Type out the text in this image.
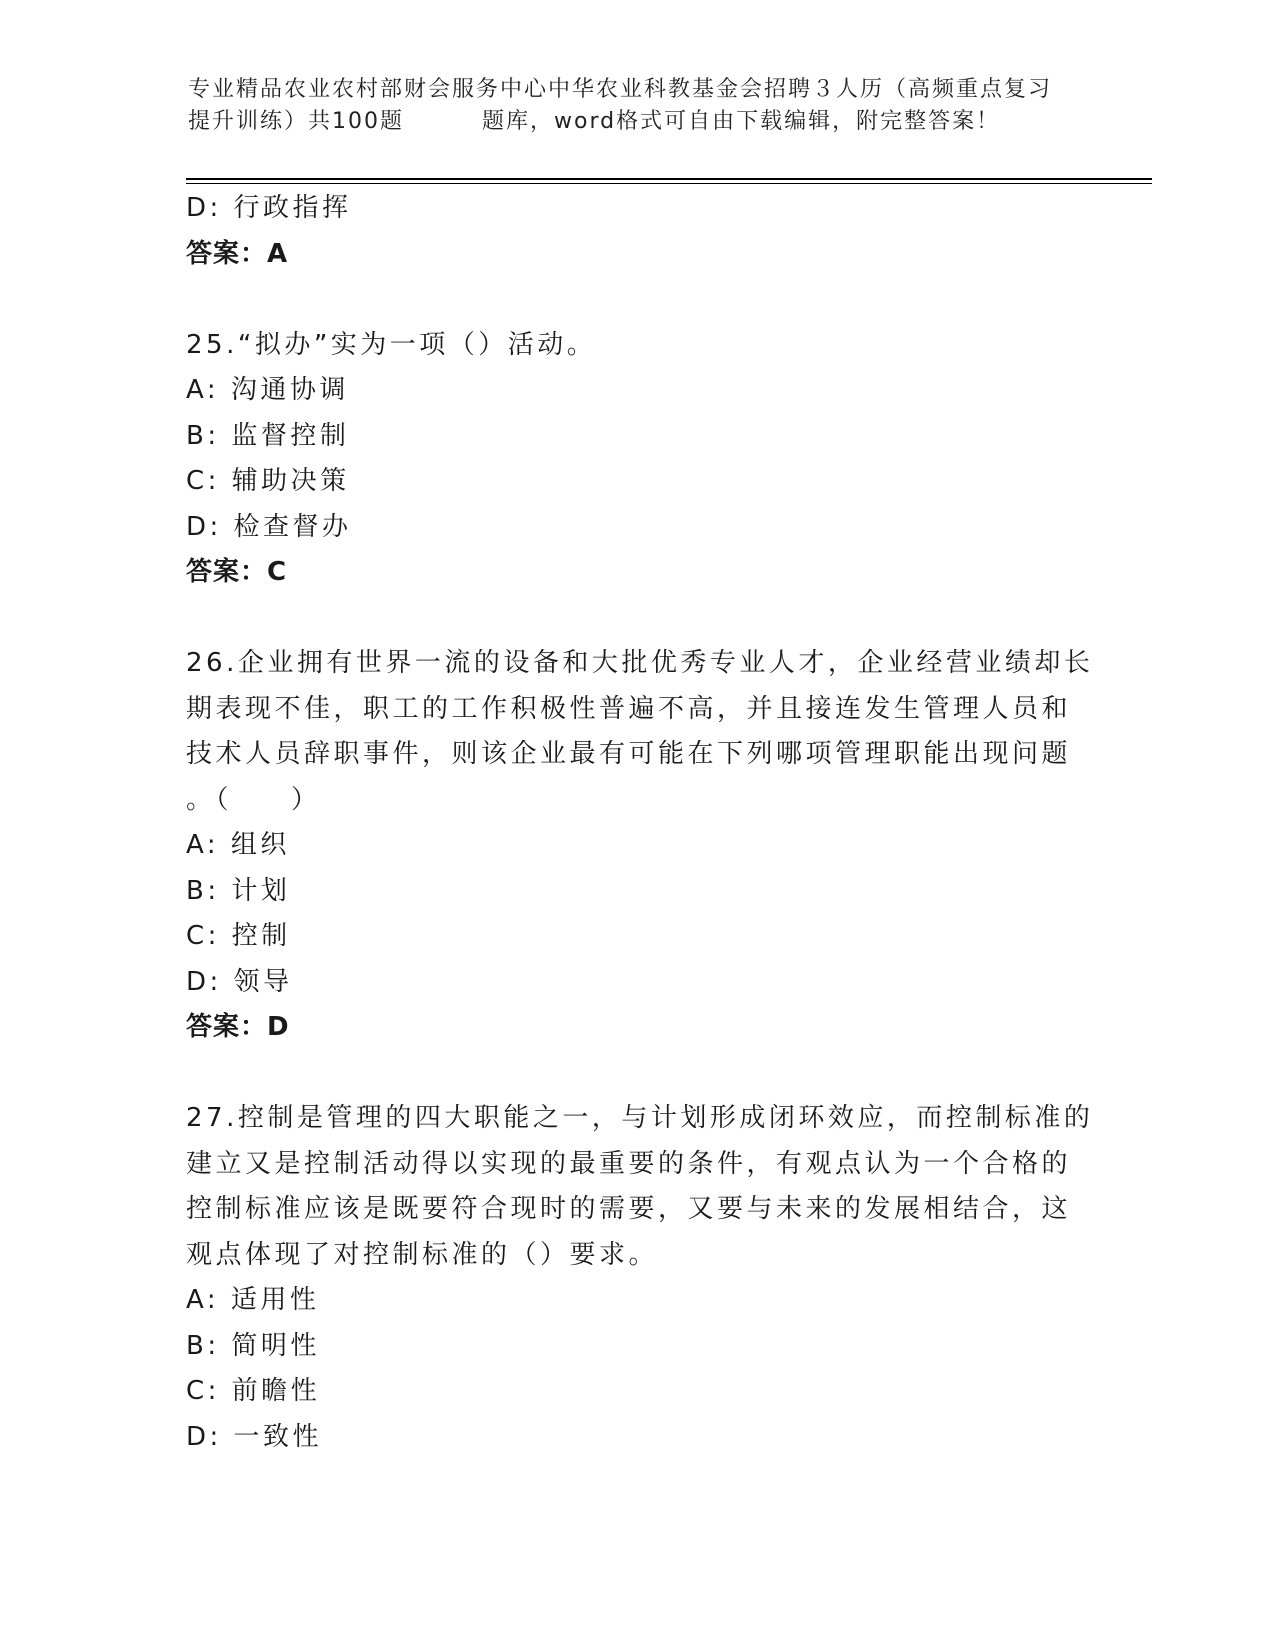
专业精品农业农村部财会服务中心中华农业科教基金会招聘３人历（高频重点复习
提升训练）共100题	题库，word格式可自由下载编辑，附完整答案！
D: 行政指挥
答案：A
25.“拟办”实为一项（）活动。
A: 沟通协调
B: 监督控制
C: 辅助决策
D: 检查督办
答案：C
26.企业拥有世界一流的设备和大批优秀专业人才，企业经营业绩却长
期表现不佳，职工的工作积极性普遍不高，并且接连发生管理人员和
技术人员辞职事件，则该企业最有可能在下列哪项管理职能出现问题
。（　　）
A: 组织
B: 计划
C: 控制
D: 领导
答案：D
27.控制是管理的四大职能之一，与计划形成闭环效应，而控制标准的
建立又是控制活动得以实现的最重要的条件，有观点认为一个合格的
控制标准应该是既要符合现时的需要，又要与未来的发展相结合，这
观点体现了对控制标准的（）要求。
A: 适用性
B: 简明性
C: 前瞻性
D: 一致性
